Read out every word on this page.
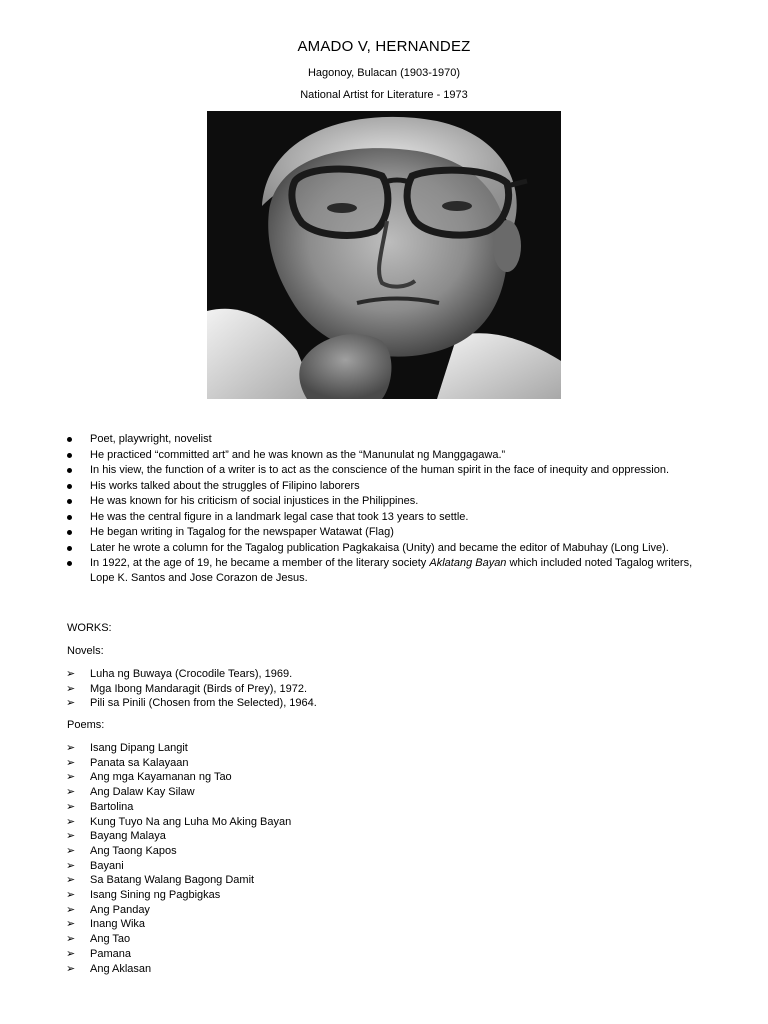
AMADO V, HERNANDEZ
Hagonoy, Bulacan (1903-1970)
National Artist for Literature - 1973
Poet, playwright, novelist
He practiced “committed art” and he was known as the “Manunulat ng Manggagawa.”
In his view, the function of a writer is to act as the conscience of the human spirit in the face of inequity and oppression.
His works talked about the struggles of Filipino laborers
He was known for his criticism of social injustices in the Philippines.
He was the central figure in a landmark legal case that took 13 years to settle.
He began writing in Tagalog for the newspaper Watawat (Flag)
Later he wrote a column for the Tagalog publication Pagkakaisa (Unity) and became the editor of Mabuhay (Long Live).
In 1922, at the age of 19, he became a member of the literary society Aklatang Bayan which included noted Tagalog writers, Lope K. Santos and Jose Corazon de Jesus.
WORKS:
Novels:
➢ Luha ng Buwaya (Crocodile Tears), 1969.
➢ Mga Ibong Mandaragit (Birds of Prey), 1972.
➢ Pili sa Pinili (Chosen from the Selected), 1964.
Poems:
➢ Isang Dipang Langit
➢ Panata sa Kalayaan
➢ Ang mga Kayamanan ng Tao
➢ Ang Dalaw Kay Silaw
➢ Bartolina
➢ Kung Tuyo Na ang Luha Mo Aking Bayan
➢ Bayang Malaya
➢ Ang Taong Kapos
➢ Bayani
➢ Sa Batang Walang Bagong Damit
➢ Isang Sining ng Pagbigkas
➢ Ang Panday
➢ Inang Wika
➢ Ang Tao
➢ Pamana
➢ Ang Aklasan
